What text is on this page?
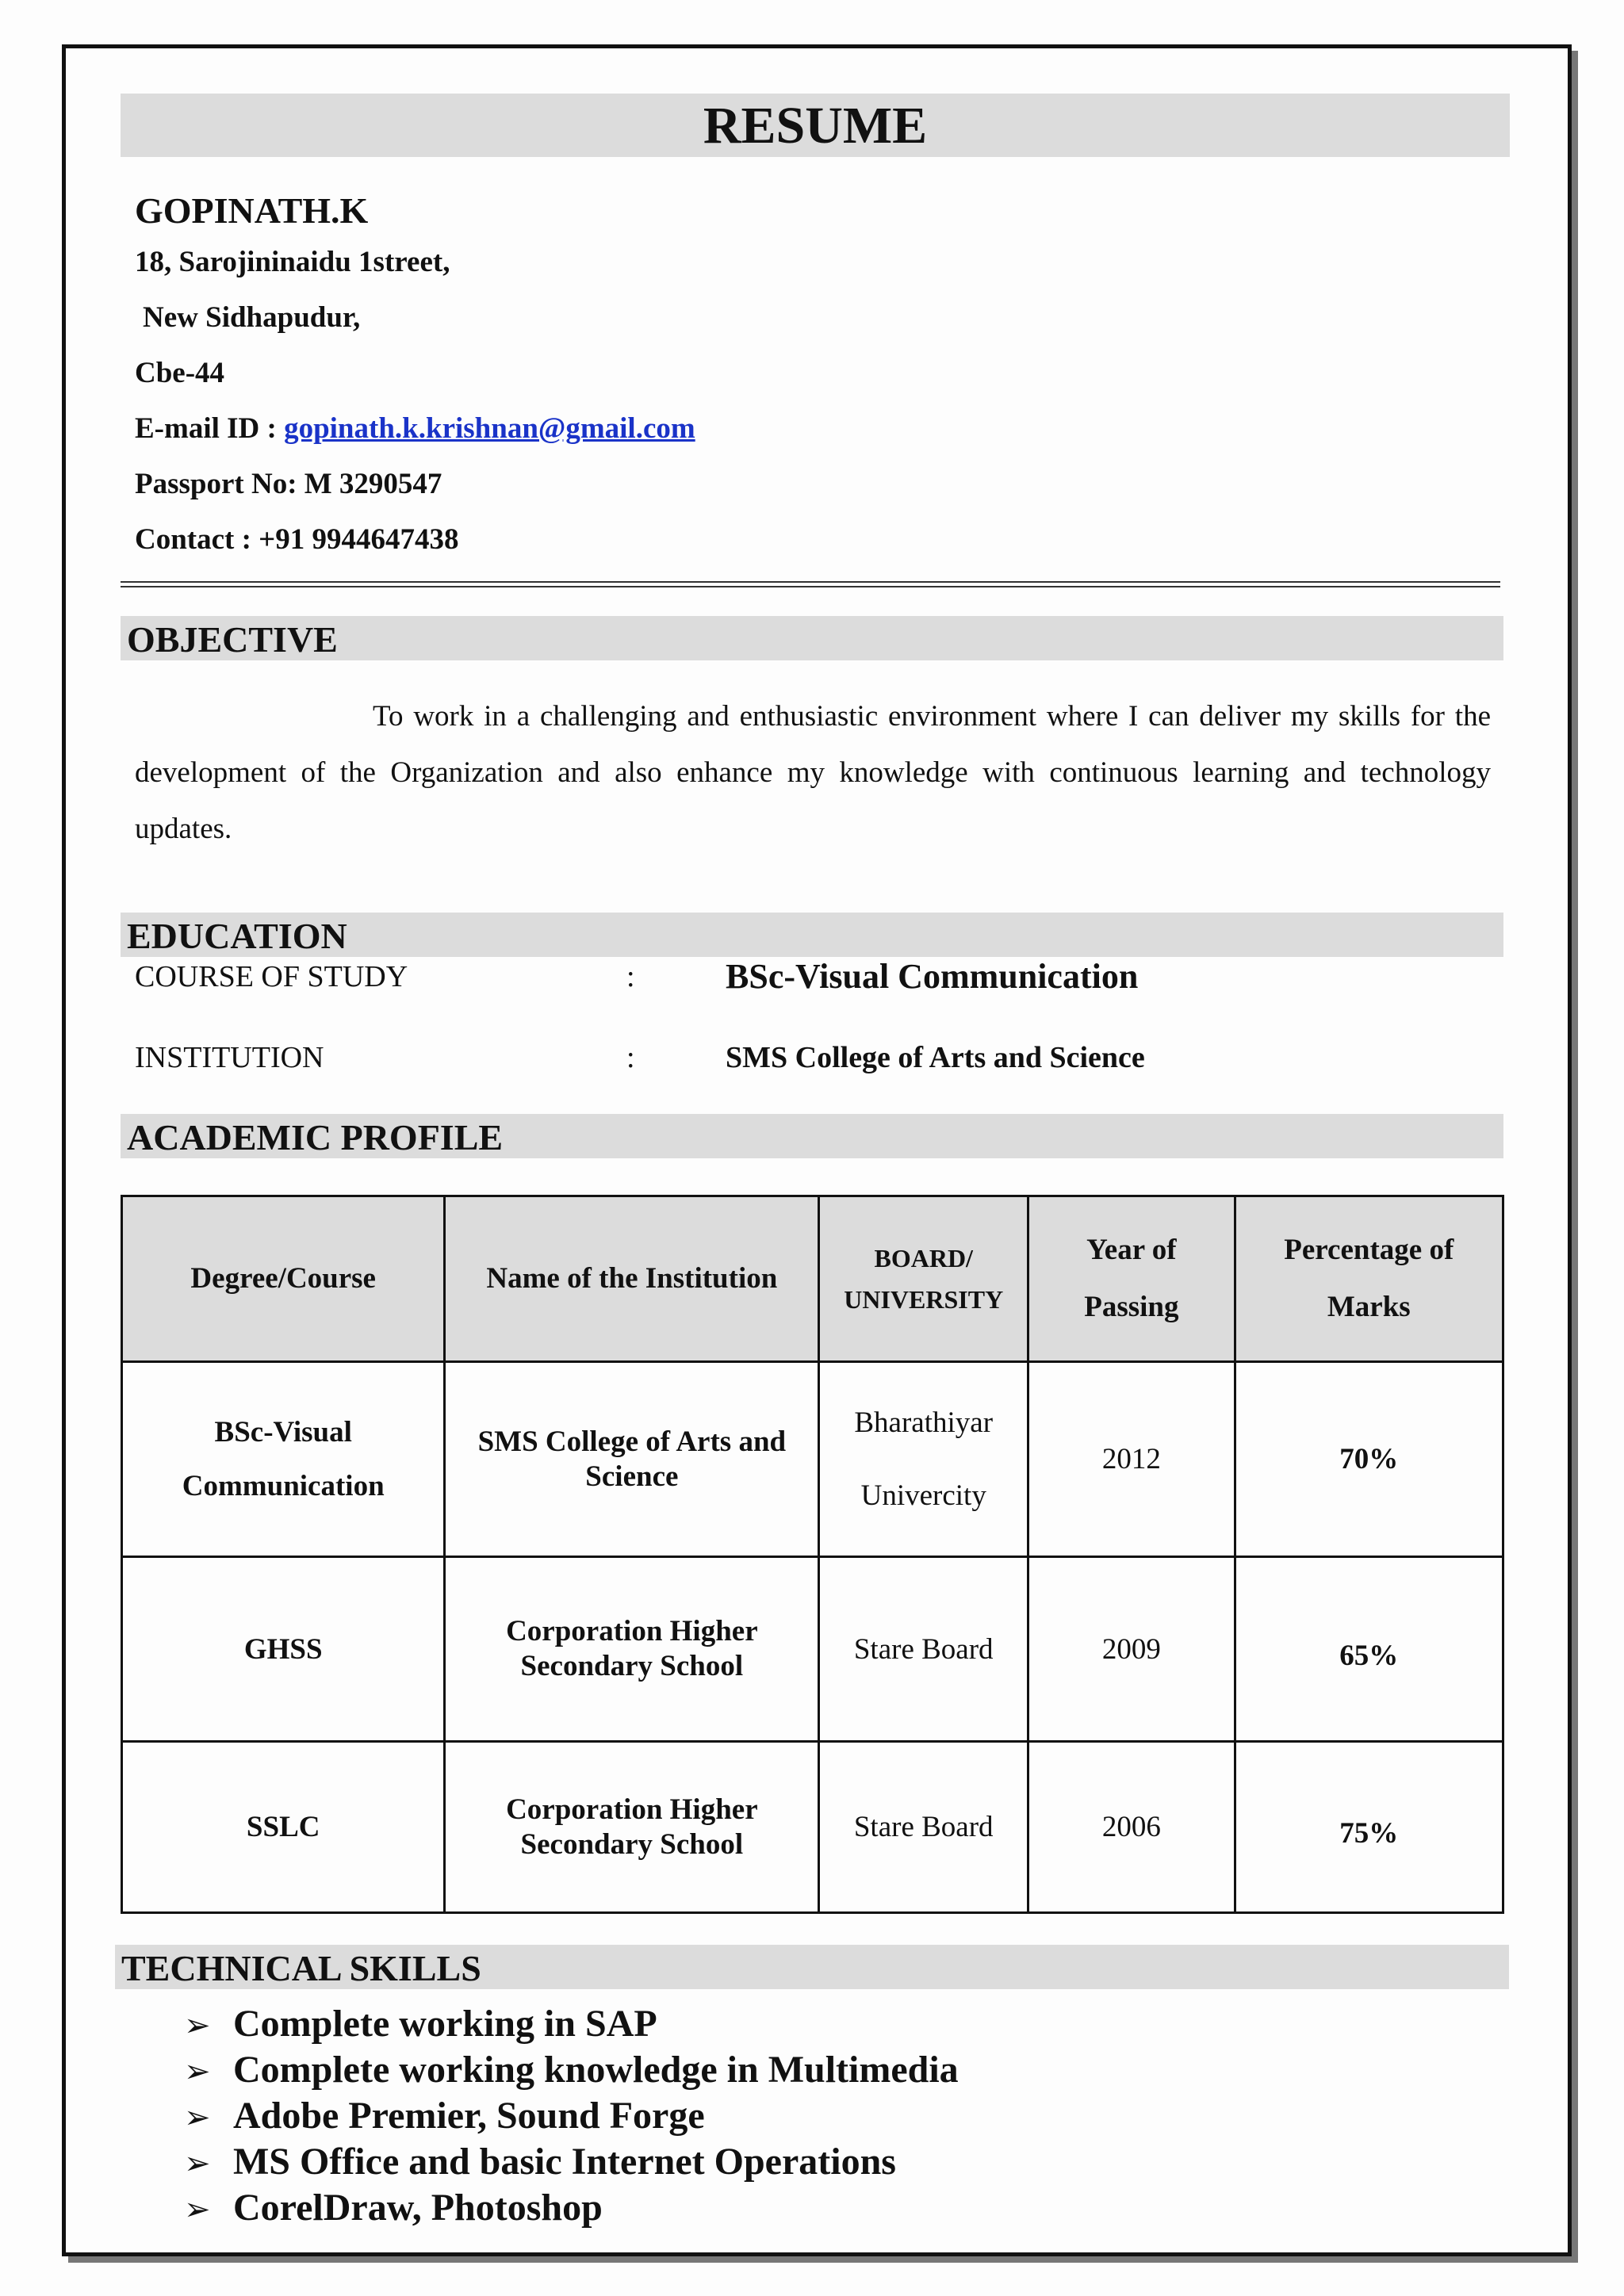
RESUME
GOPINATH.K
18, Sarojininaidu 1street,
New Sidhapudur,
Cbe-44
E-mail ID : gopinath.k.krishnan@gmail.com
Passport No: M 3290547
Contact : +91 9944647438
OBJECTIVE
To work in a challenging and enthusiastic environment where I can deliver my skills for the development of the Organization and also enhance my knowledge with continuous learning and technology updates.
EDUCATION
COURSE OF STUDY	:	BSc-Visual Communication
INSTITUTION	:	SMS College of Arts and Science
ACADEMIC PROFILE
Degree/Course	Name of the Institution	BOARD/ UNIVERSITY	Year of Passing	Percentage of Marks
BSc-Visual Communication	SMS College of Arts and Science	Bharathiyar Univercity	2012	70%
GHSS	Corporation Higher Secondary School	Stare Board	2009	65%
SSLC	Corporation Higher Secondary School	Stare Board	2006	75%
TECHNICAL SKILLS
➢ Complete working in SAP
➢ Complete working knowledge in Multimedia
➢ Adobe Premier, Sound Forge
➢ MS Office and basic Internet Operations
➢ CorelDraw, Photoshop
